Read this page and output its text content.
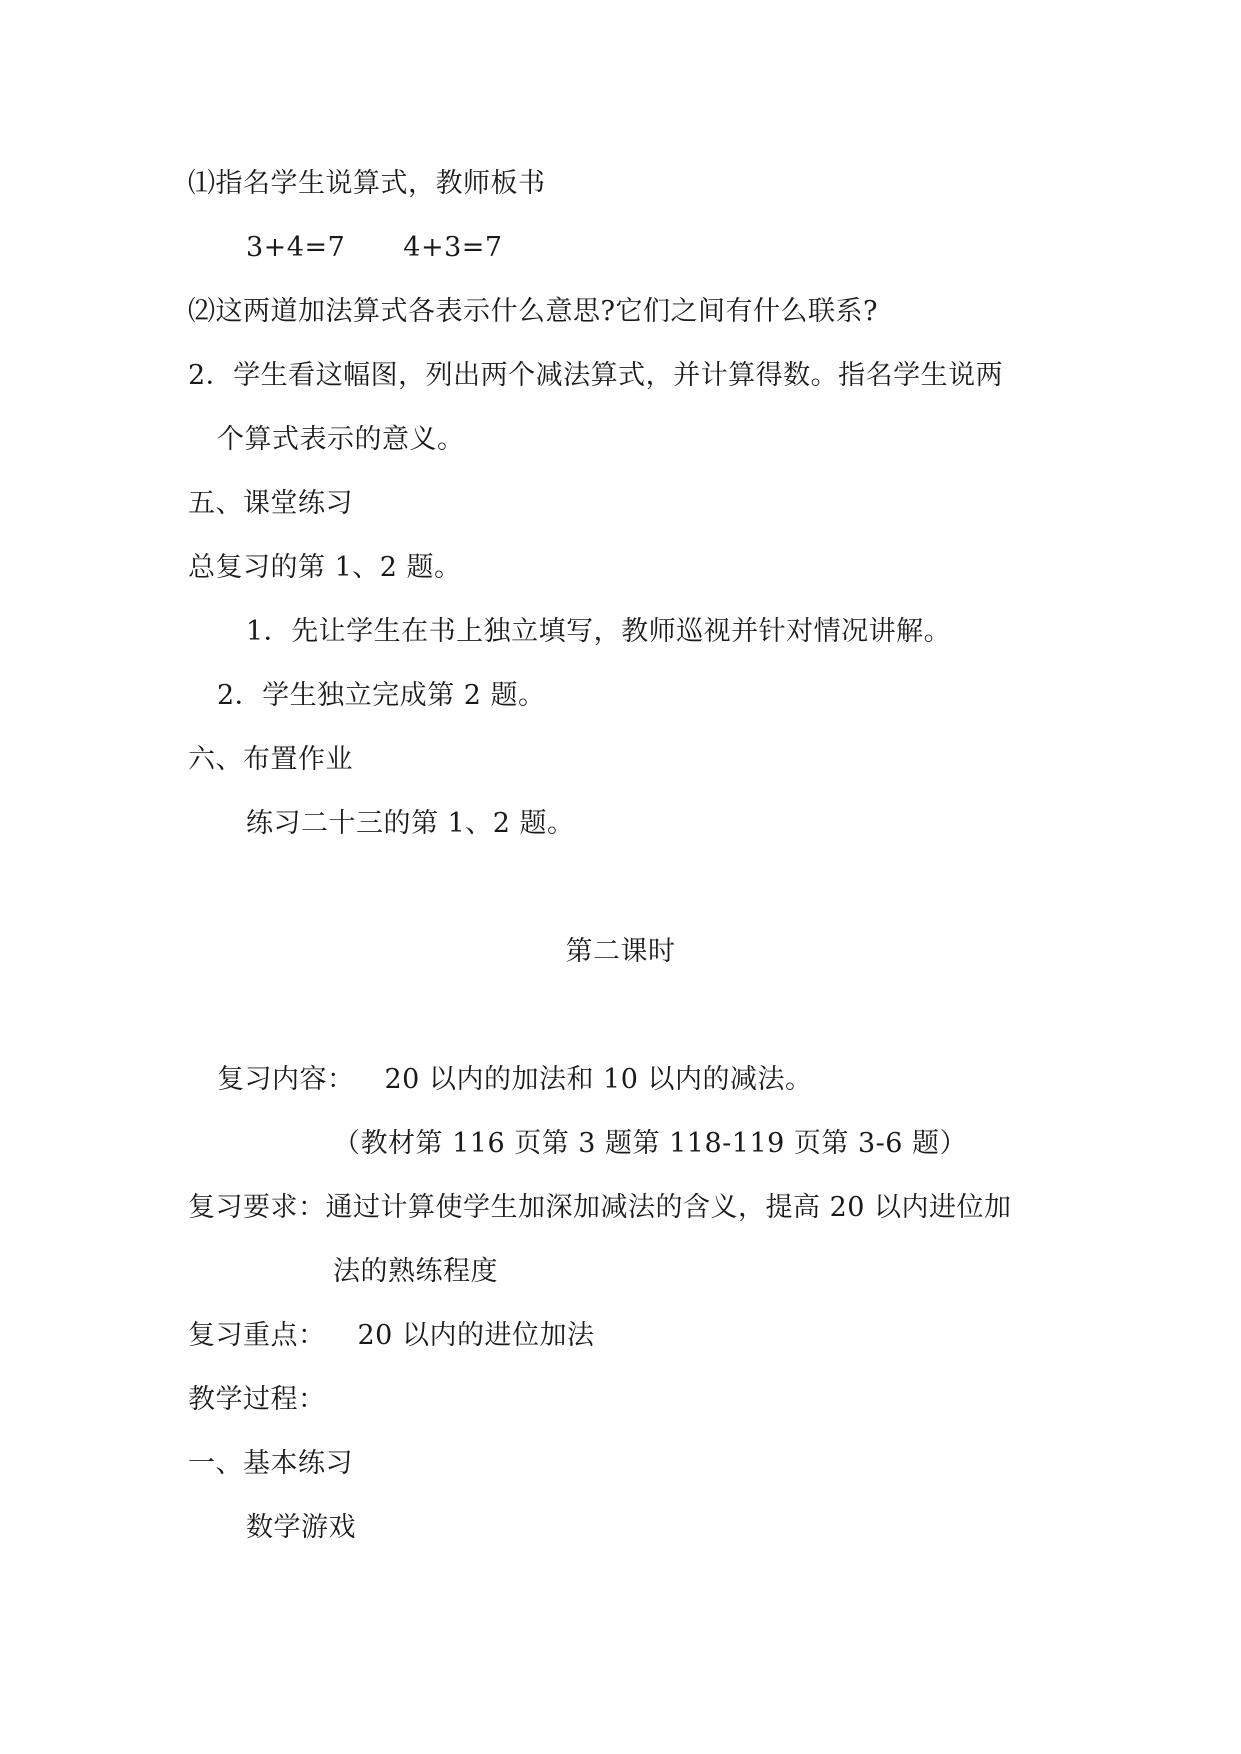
⑴指名学生说算式，教师板书
3+4=7 4+3=7
⑵这两道加法算式各表示什么意思?它们之间有什么联系?
2．学生看这幅图，列出两个减法算式，并计算得数。指名学生说两
个算式表示的意义。
五、课堂练习
总复习的第 1、2 题。
1．先让学生在书上独立填写，教师巡视并针对情况讲解。
2．学生独立完成第 2 题。
六、布置作业
练习二十三的第 1、2 题。
第二课时
复习内容： 20 以内的加法和 10 以内的减法。
（教材第 116 页第 3 题第 118-119 页第 3-6 题）
复习要求：通过计算使学生加深加减法的含义，提高 20 以内进位加
法的熟练程度
复习重点： 20 以内的进位加法
教学过程：
一、基本练习
数学游戏
